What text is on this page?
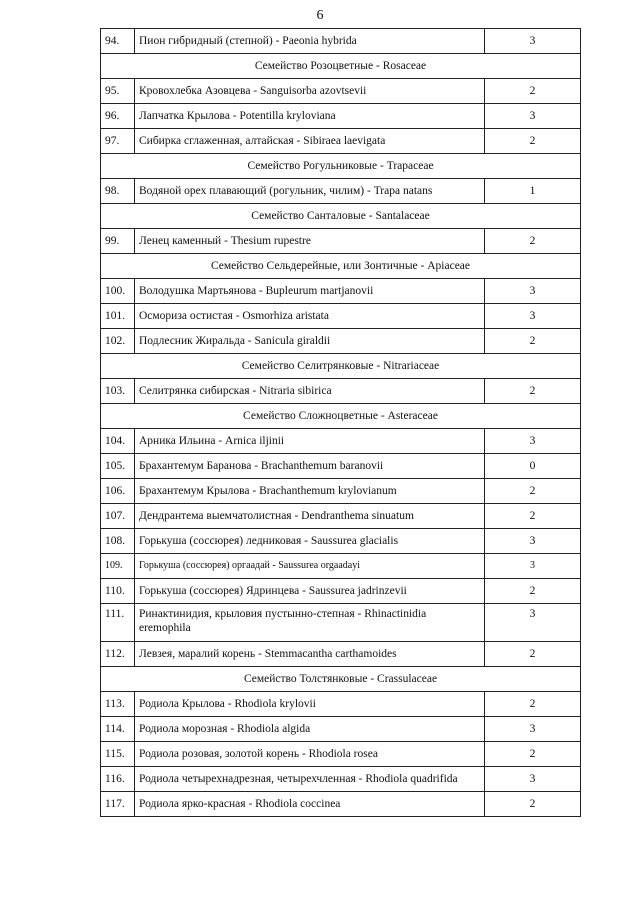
6
94.	Пион гибридный (степной) - Paeonia hybrida	3
Семейство Розоцветные - Rosaceae		
95.	Кровохлебка Азовцева - Sanguisorba azovtsevii	2
96.	Лапчатка Крылова - Potentilla kryloviana	3
97.	Сибирка сглаженная, алтайская - Sibiraea laevigata	2
Семейство Рогульниковые - Trapaceae		
98.	Водяной орех плавающий (рогульник, чилим) - Trapa natans	1
Семейство Санталовые - Santalaceae		
99.	Ленец каменный - Thesium rupestre	2
Семейство Сельдерейные, или Зонтичные - Apiaceae		
100.	Володушка Мартьянова - Bupleurum martjanovii	3
101.	Осмориза остистая - Osmorhiza aristata	3
102.	Подлесник Жиральда - Sanicula giraldii	2
Семейство Селитрянковые - Nitrariaceae		
103.	Селитрянка сибирская - Nitraria sibirica	2
Семейство Сложноцветные - Asteraceae		
104.	Арника Ильина - Arnica iljinii	3
105.	Брахантемум Баранова - Brachanthemum baranovii	0
106.	Брахантемум Крылова - Brachanthemum krylovianum	2
107.	Дендрантема выемчатолистная - Dendranthema sinuatum	2
108.	Горькуша (соссюрея) ледниковая - Saussurea glacialis	3
109.	Горькуша (соссюрея) оргаадай - Saussurea orgaadayi	3
110.	Горькуша (соссюрея) Ядринцева - Saussurea jadrinzevii	2
111.	Ринактинидия, крыловия пустынно-степная - Rhinactinidia
eremophila	3
112.	Левзея, маралий корень - Stemmacantha carthamoides	2
Семейство Толстянковые - Crassulaceae		
113.	Родиола Крылова - Rhodiola krylovii	2
114.	Родиола морозная - Rhodiola algida	3
115.	Родиола розовая, золотой корень - Rhodiola rosea	2
116.	Родиола четырехнадрезная, четырехчленная - Rhodiola quadrifida	3
117.	Родиола ярко-красная - Rhodiola coccinea	2
